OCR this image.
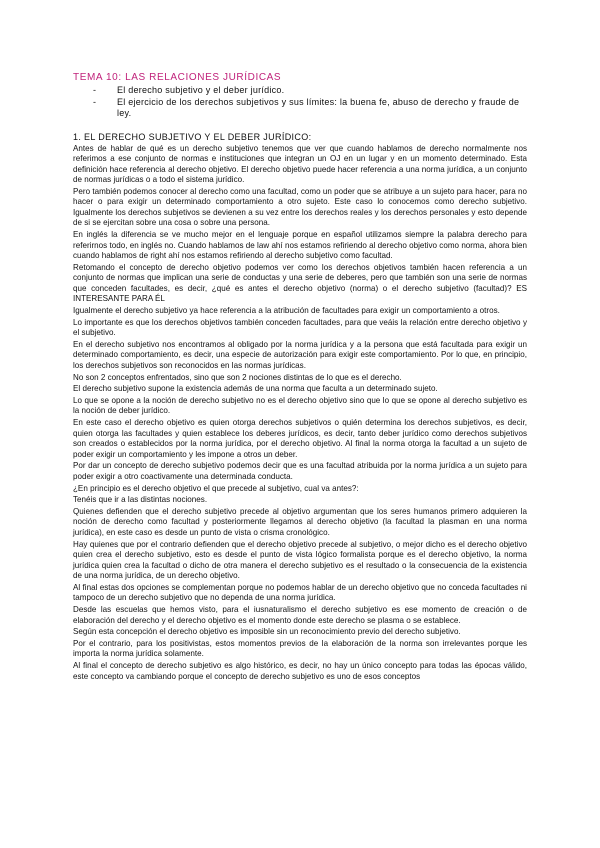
TEMA 10: LAS RELACIONES JURÍDICAS
- El derecho subjetivo y el deber jurídico.
- El ejercicio de los derechos subjetivos y sus límites: la buena fe, abuso de derecho y fraude de ley.
1. EL DERECHO SUBJETIVO Y EL DEBER JURÍDICO:

Antes de hablar de qué es un derecho subjetivo tenemos que ver que cuando hablamos de derecho normalmente nos referimos a ese conjunto de normas e instituciones que integran un OJ en un lugar y en un momento determinado. Esta definición hace referencia al derecho objetivo. El derecho objetivo puede hacer referencia a una norma jurídica, a un conjunto de normas jurídicas o a todo el sistema jurídico.

Pero también podemos conocer al derecho como una facultad, como un poder que se atribuye a un sujeto para hacer, para no hacer o para exigir un determinado comportamiento a otro sujeto. Este caso lo conocemos como derecho subjetivo. Igualmente los derechos subjetivos se devienen a su vez entre los derechos reales y los derechos personales y esto depende de si se ejercitan sobre una cosa o sobre una persona.

En inglés la diferencia se ve mucho mejor en el lenguaje porque en español utilizamos siempre la palabra derecho para referirnos todo, en inglés no. Cuando hablamos de law ahí nos estamos refiriendo al derecho objetivo como norma, ahora bien cuando hablamos de right ahí nos estamos refiriendo al derecho subjetivo como facultad.

Retomando el concepto de derecho objetivo podemos ver como los derechos objetivos también hacen referencia a un conjunto de normas que implican una serie de conductas y una serie de deberes, pero que también son una serie de normas que conceden facultades, es decir, ¿qué es antes el derecho objetivo (norma) o el derecho subjetivo (facultad)? ES INTERESANTE PARA ÉL

Igualmente el derecho subjetivo ya hace referencia a la atribución de facultades para exigir un comportamiento a otros.

Lo importante es que los derechos objetivos también conceden facultades, para que veáis la relación entre derecho objetivo y el subjetivo.

En el derecho subjetivo nos encontramos al obligado por la norma jurídica y a la persona que está facultada para exigir un determinado comportamiento, es decir, una especie de autorización para exigir este comportamiento. Por lo que, en principio, los derechos subjetivos son reconocidos en las normas jurídicas.

No son 2 conceptos enfrentados, sino que son 2 nociones distintas de lo que es el derecho.

El derecho subjetivo supone la existencia además de una norma que faculta a un determinado sujeto.

Lo que se opone a la noción de derecho subjetivo no es el derecho objetivo sino que lo que se opone al derecho subjetivo es la noción de deber jurídico.

En este caso el derecho objetivo es quien otorga derechos subjetivos o quién determina los derechos subjetivos, es decir, quien otorga las facultades y quien establece los deberes jurídicos, es decir, tanto deber jurídico como derechos subjetivos son creados o establecidos por la norma jurídica, por el derecho objetivo. Al final la norma otorga la facultad a un sujeto de poder exigir un comportamiento y les impone a otros un deber.

Por dar un concepto de derecho subjetivo podemos decir que es una facultad atribuida por la norma jurídica a un sujeto para poder exigir a otro coactivamente una determinada conducta.

¿En principio es el derecho objetivo el que precede al subjetivo, cual va antes?:

Tenéis que ir a las distintas nociones.

Quienes defienden que el derecho subjetivo precede al objetivo argumentan que los seres humanos primero adquieren la noción de derecho como facultad y posteriormente llegamos al derecho objetivo (la facultad la plasman en una norma jurídica), en este caso es desde un punto de vista o crisma cronológico.

Hay quienes que por el contrario defienden que el derecho objetivo precede al subjetivo, o mejor dicho es el derecho objetivo quien crea el derecho subjetivo, esto es desde el punto de vista lógico formalista porque es el derecho objetivo, la norma jurídica quien crea la facultad o dicho de otra manera el derecho subjetivo es el resultado o la consecuencia de la existencia de una norma jurídica, de un derecho objetivo.

Al final estas dos opciones se complementan porque no podemos hablar de un derecho objetivo que no conceda facultades ni tampoco de un derecho subjetivo que no dependa de una norma jurídica.

Desde las escuelas que hemos visto, para el iusnaturalismo el derecho subjetivo es ese momento de creación o de elaboración del derecho y el derecho objetivo es el momento donde este derecho se plasma o se establece.

Según esta concepción el derecho objetivo es imposible sin un reconocimiento previo del derecho subjetivo.

Por el contrario, para los positivistas, estos momentos previos de la elaboración de la norma son irrelevantes porque les importa la norma jurídica solamente.

Al final el concepto de derecho subjetivo es algo histórico, es decir, no hay un único concepto para todas las épocas válido, este concepto va cambiando porque el concepto de derecho subjetivo es uno de esos conceptos
